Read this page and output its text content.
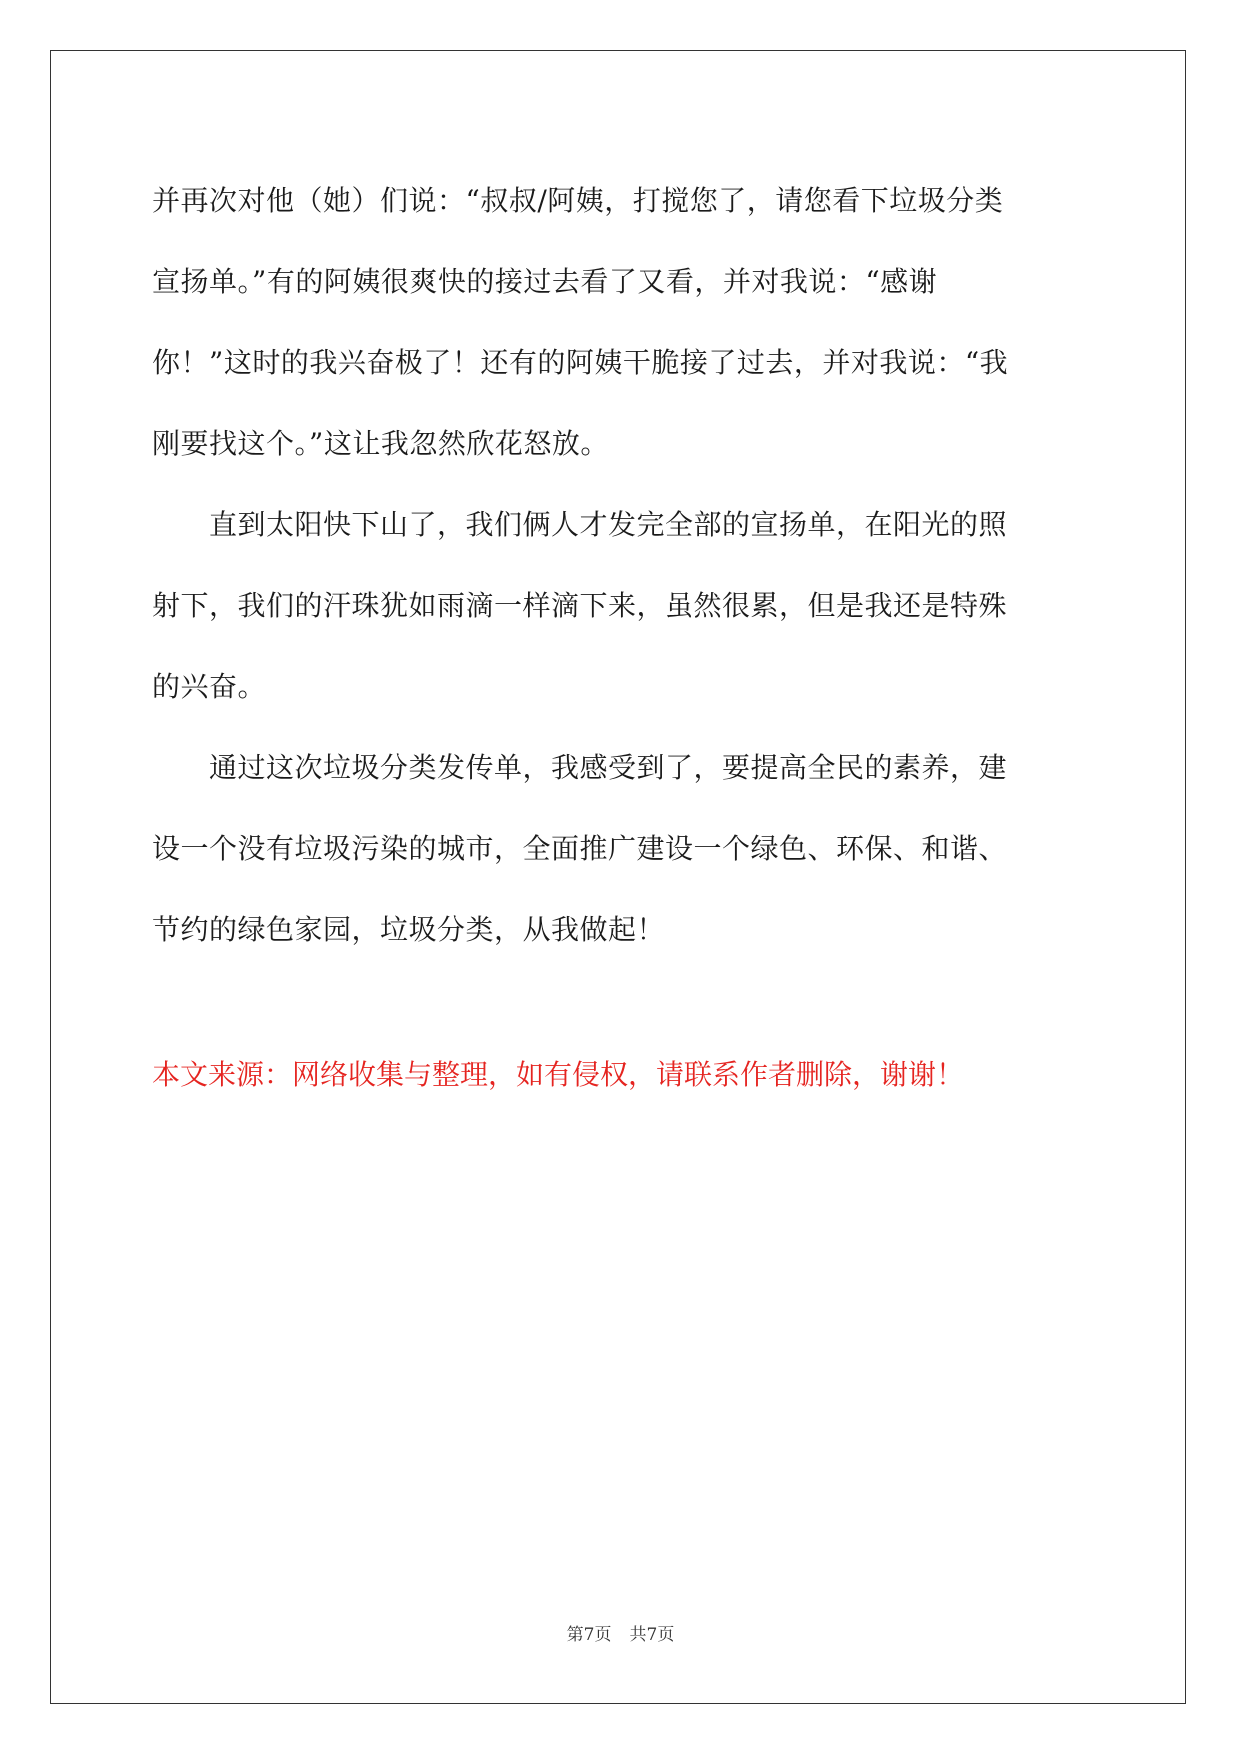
并再次对他（她）们说：“叔叔/阿姨，打搅您了，请您看下垃圾分类
宣扬单。”有的阿姨很爽快的接过去看了又看，并对我说：“感谢
你！”这时的我兴奋极了！还有的阿姨干脆接了过去，并对我说：“我
刚要找这个。”这让我忽然欣花怒放。
　　直到太阳快下山了，我们俩人才发完全部的宣扬单，在阳光的照
射下，我们的汗珠犹如雨滴一样滴下来，虽然很累，但是我还是特殊
的兴奋。
　　通过这次垃圾分类发传单，我感受到了，要提高全民的素养，建
设一个没有垃圾污染的城市，全面推广建设一个绿色、环保、和谐、
节约的绿色家园，垃圾分类，从我做起！

本文来源：网络收集与整理，如有侵权，请联系作者删除，谢谢！

第7页 共7页
